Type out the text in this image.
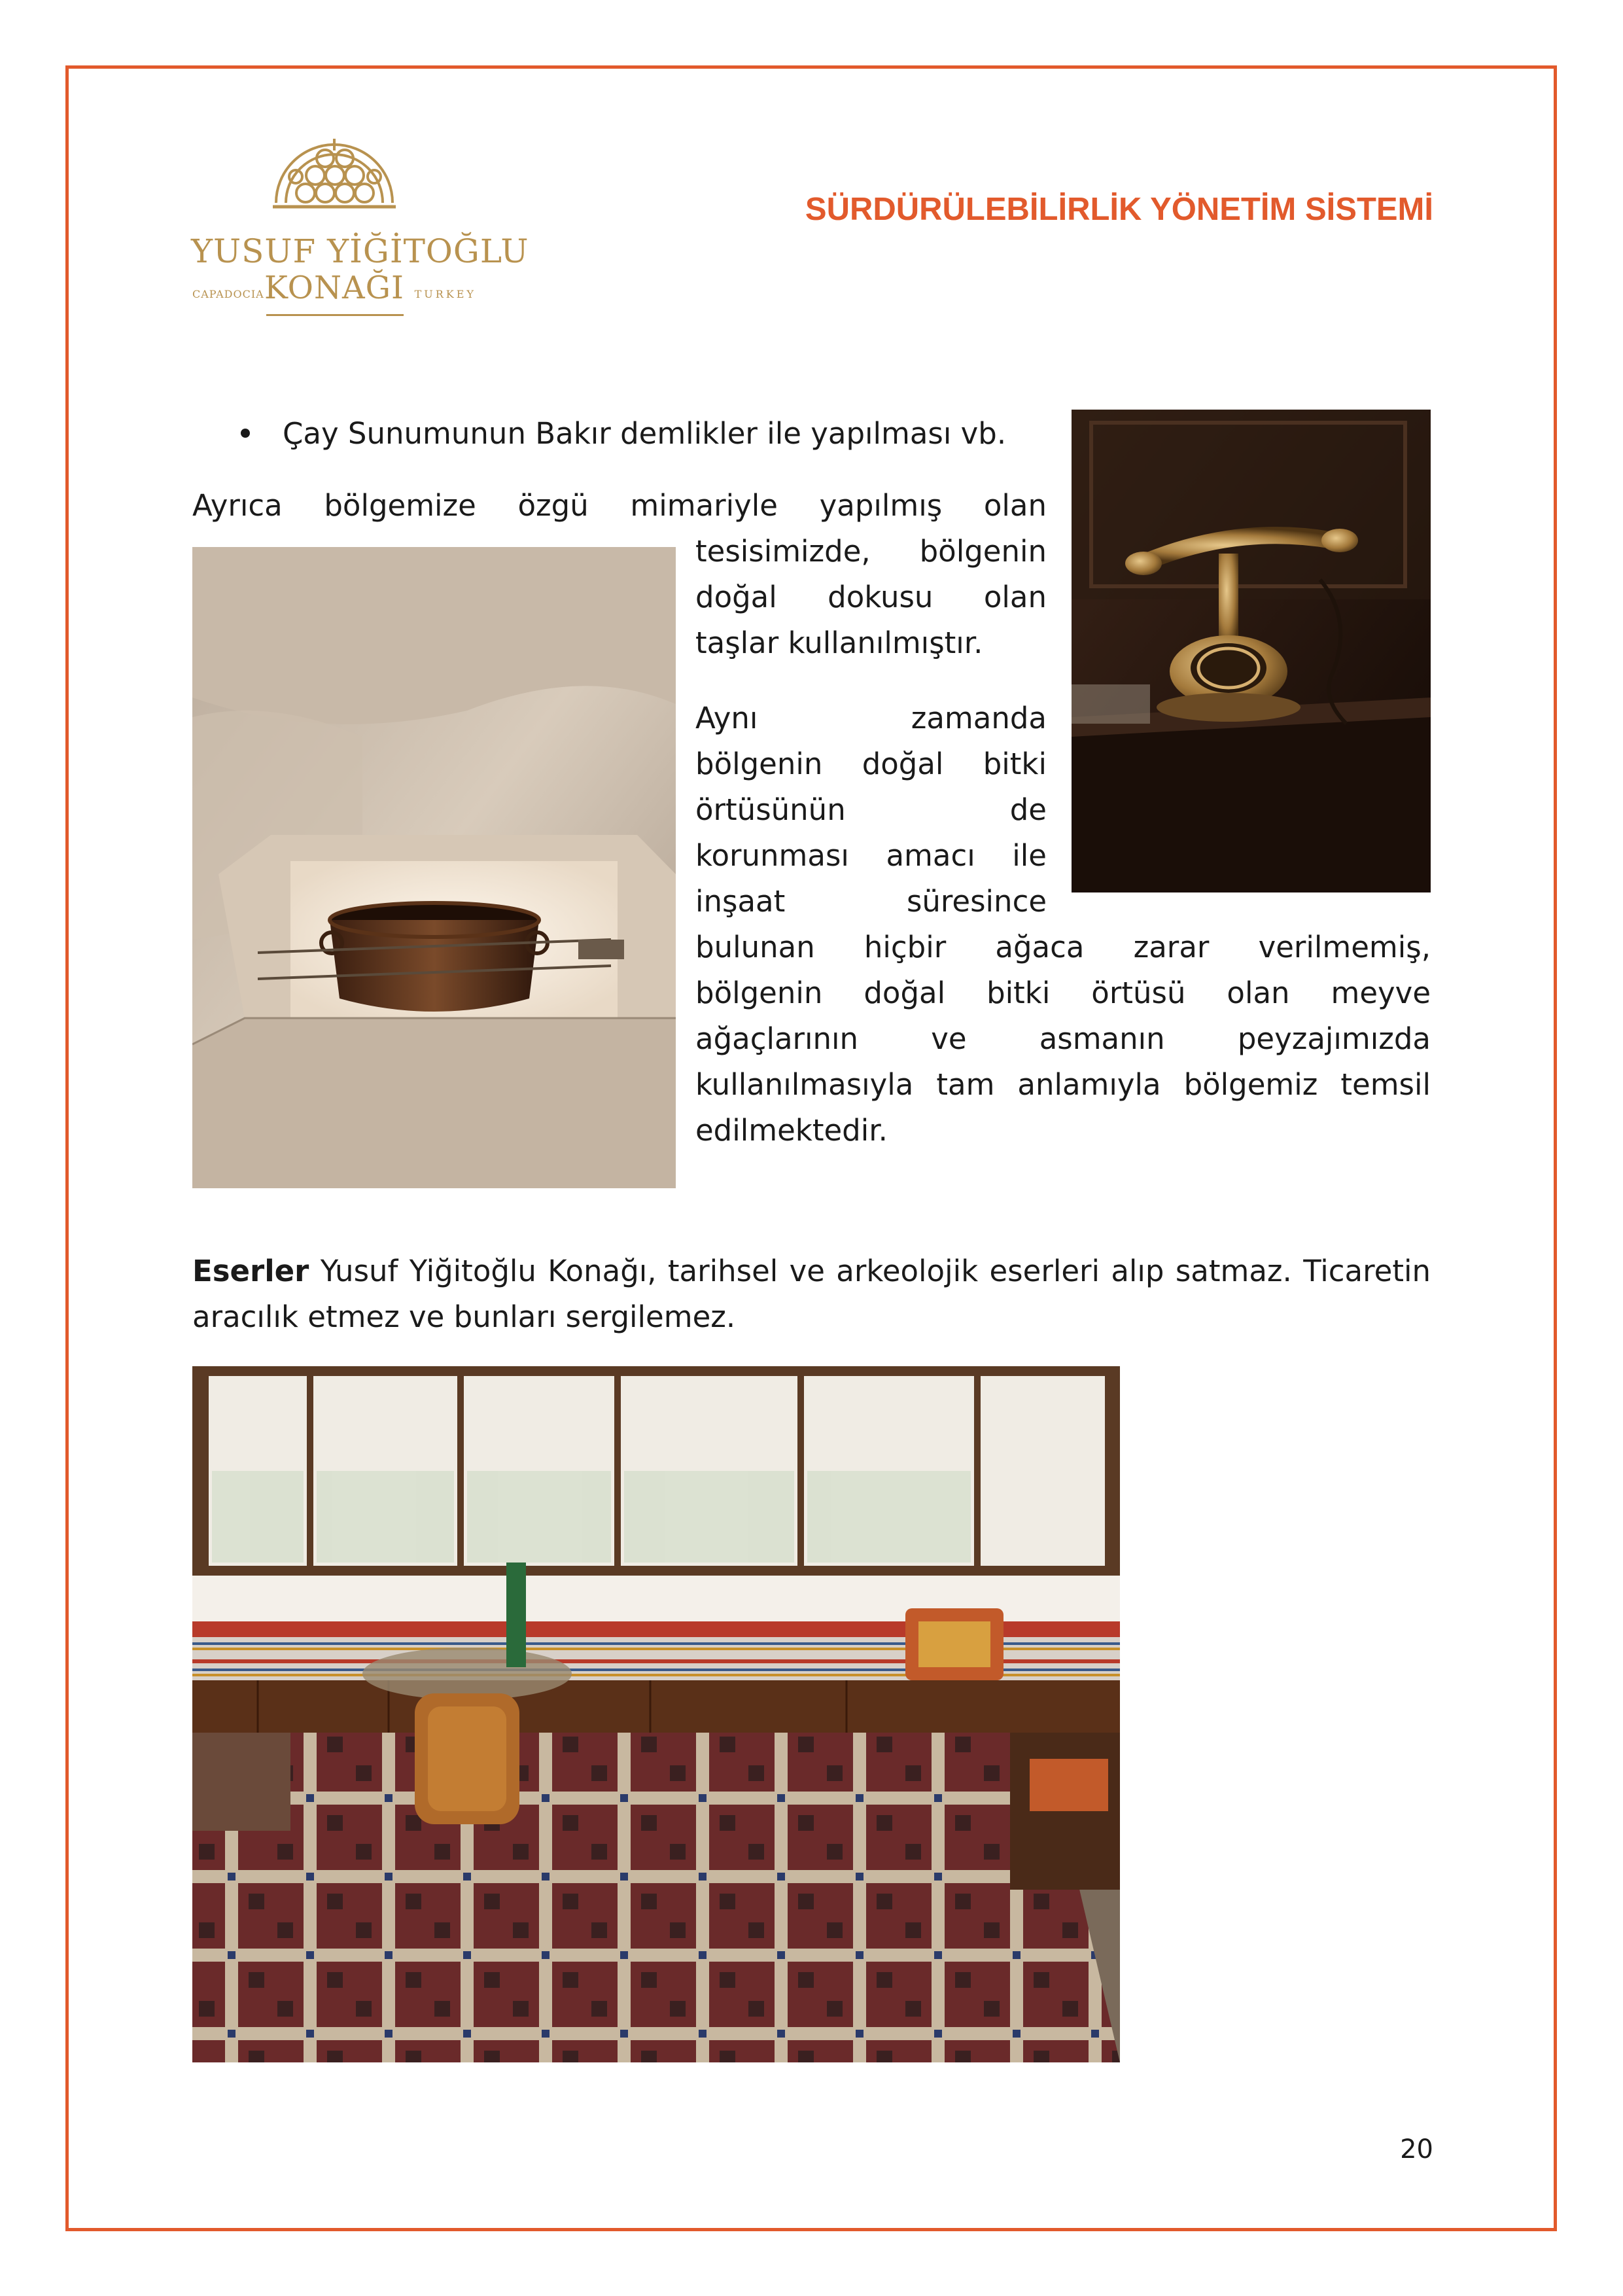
YUSUF YİĞİTOĞLU
CAPADOCIA KONAĞI TURKEY
SÜRDÜRÜLEBİLİRLİK YÖNETİM SİSTEMİ
Çay Sunumunun Bakır demlikler ile yapılması vb.
Ayrıca bölgemize özgü mimariyle yapılmış olan
tesisimizde, bölgenin
doğal dokusu olan
taşlar kullanılmıştır.
Aynı zamanda
bölgenin doğal bitki
örtüsünün de
korunması amacı ile
inşaat süresince
bulunan hiçbir ağaca zarar verilmemiş,
bölgenin doğal bitki örtüsü olan meyve
ağaçlarının ve asmanın peyzajımızda
kullanılmasıyla tam anlamıyla bölgemiz temsil
edilmektedir.
Eserler Yusuf Yiğitoğlu Konağı, tarihsel ve arkeolojik eserleri alıp satmaz. Ticaretin
aracılık etmez ve bunları sergilemez.
20
